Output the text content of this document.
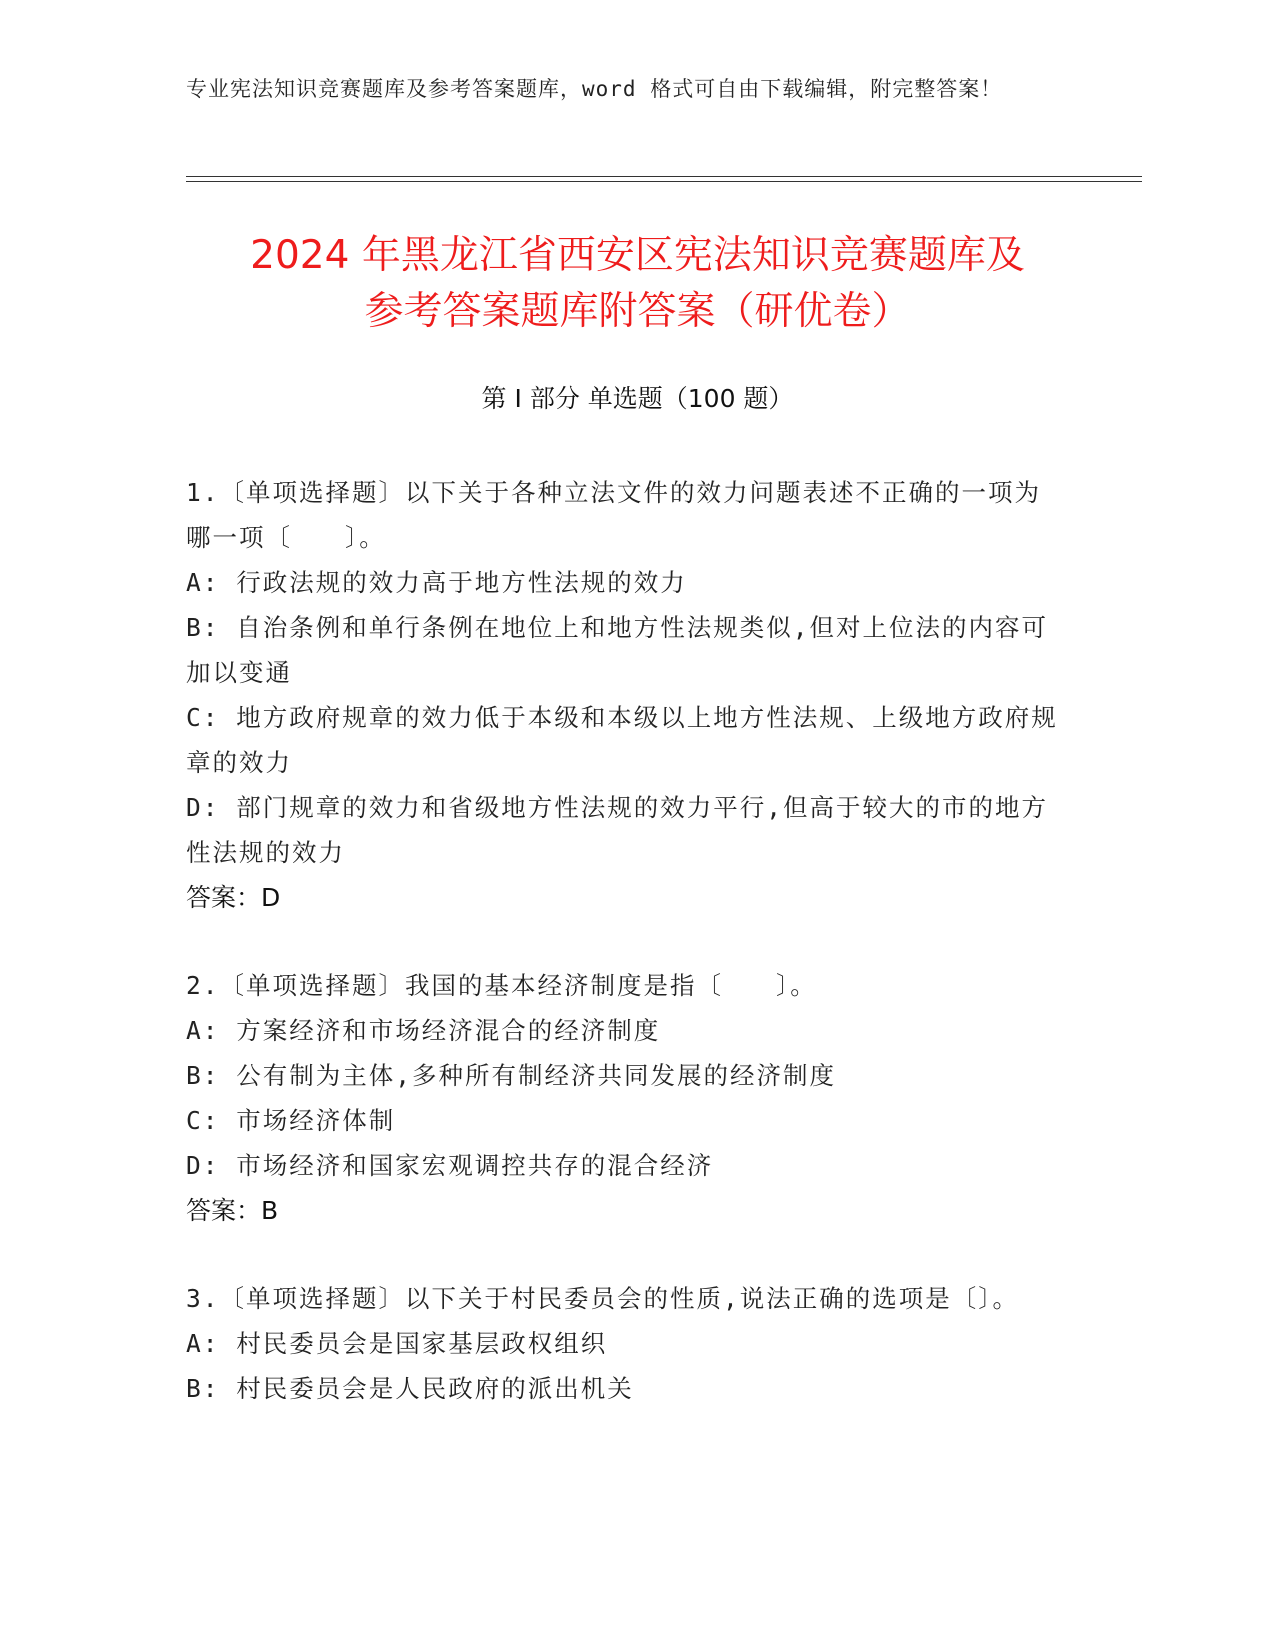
专业宪法知识竞赛题库及参考答案题库，word 格式可自由下载编辑，附完整答案！
2024 年黑龙江省西安区宪法知识竞赛题库及
参考答案题库附答案（研优卷）
第 I 部分 单选题（100 题）
1.〔单项选择题〕以下关于各种立法文件的效力问题表述不正确的一项为哪一项〔　　〕。
A: 行政法规的效力高于地方性法规的效力
B: 自治条例和单行条例在地位上和地方性法规类似,但对上位法的内容可加以变通
C: 地方政府规章的效力低于本级和本级以上地方性法规、上级地方政府规章的效力
D: 部门规章的效力和省级地方性法规的效力平行,但高于较大的市的地方性法规的效力
答案：D
2.〔单项选择题〕我国的基本经济制度是指〔　　〕。
A: 方案经济和市场经济混合的经济制度
B: 公有制为主体,多种所有制经济共同发展的经济制度
C: 市场经济体制
D: 市场经济和国家宏观调控共存的混合经济
答案：B
3.〔单项选择题〕以下关于村民委员会的性质,说法正确的选项是〔〕。
A: 村民委员会是国家基层政权组织
B: 村民委员会是人民政府的派出机关
